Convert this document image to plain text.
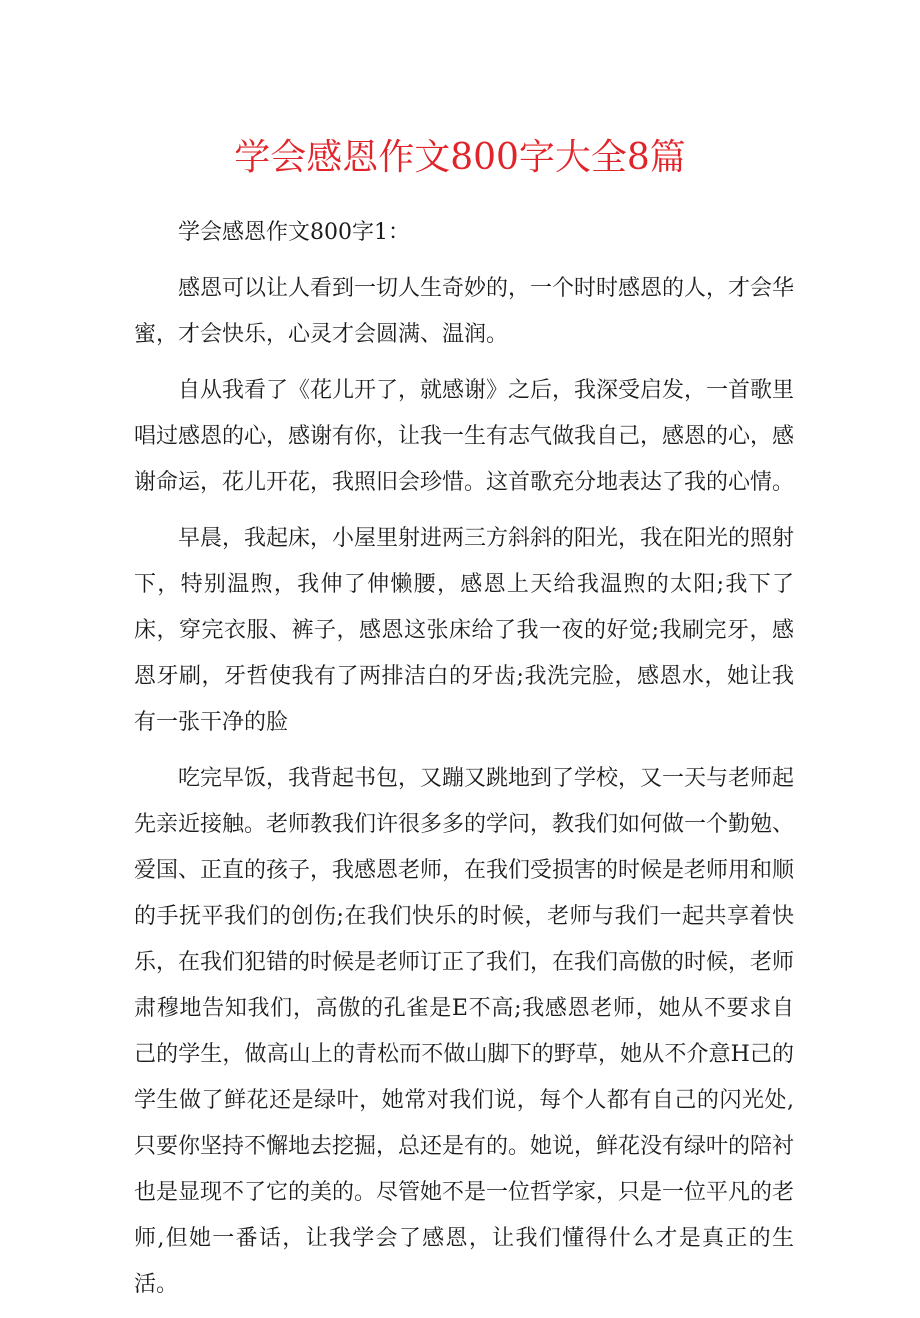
学会感恩作文800字大全8篇

学会感恩作文800字1：

感恩可以让人看到一切人生奇妙的，一个时时感恩的人，才会华蜜，才会快乐，心灵才会圆满、温润。

自从我看了《花儿开了，就感谢》之后，我深受启发，一首歌里唱过感恩的心，感谢有你，让我一生有志气做我自己，感恩的心，感谢命运，花儿开花，我照旧会珍惜。这首歌充分地表达了我的心情。

早晨，我起床，小屋里射进两三方斜斜的阳光，我在阳光的照射下，特别温煦，我伸了伸懒腰，感恩上天给我温煦的太阳;我下了床，穿完衣服、裤子，感恩这张床给了我一夜的好觉;我刷完牙，感恩牙刷，牙哲使我有了两排洁白的牙齿;我洗完脸，感恩水，她让我有一张干净的脸

吃完早饭，我背起书包，又蹦又跳地到了学校，又一天与老师起先亲近接触。老师教我们许很多多的学问，教我们如何做一个勤勉、爱国、正直的孩子，我感恩老师，在我们受损害的时候是老师用和顺的手抚平我们的创伤;在我们快乐的时候，老师与我们一起共享着快乐，在我们犯错的时候是老师订正了我们，在我们高傲的时候，老师肃穆地告知我们，高傲的孔雀是E不高;我感恩老师，她从不要求自己的学生，做高山上的青松而不做山脚下的野草，她从不介意H己的学生做了鲜花还是绿叶，她常对我们说，每个人都有自己的闪光处,只要你坚持不懈地去挖掘，总还是有的。她说，鲜花没有绿叶的陪衬也是显现不了它的美的。尽管她不是一位哲学家，只是一位平凡的老师,但她一番话，让我学会了感恩，让我们懂得什么才是真正的生活。
